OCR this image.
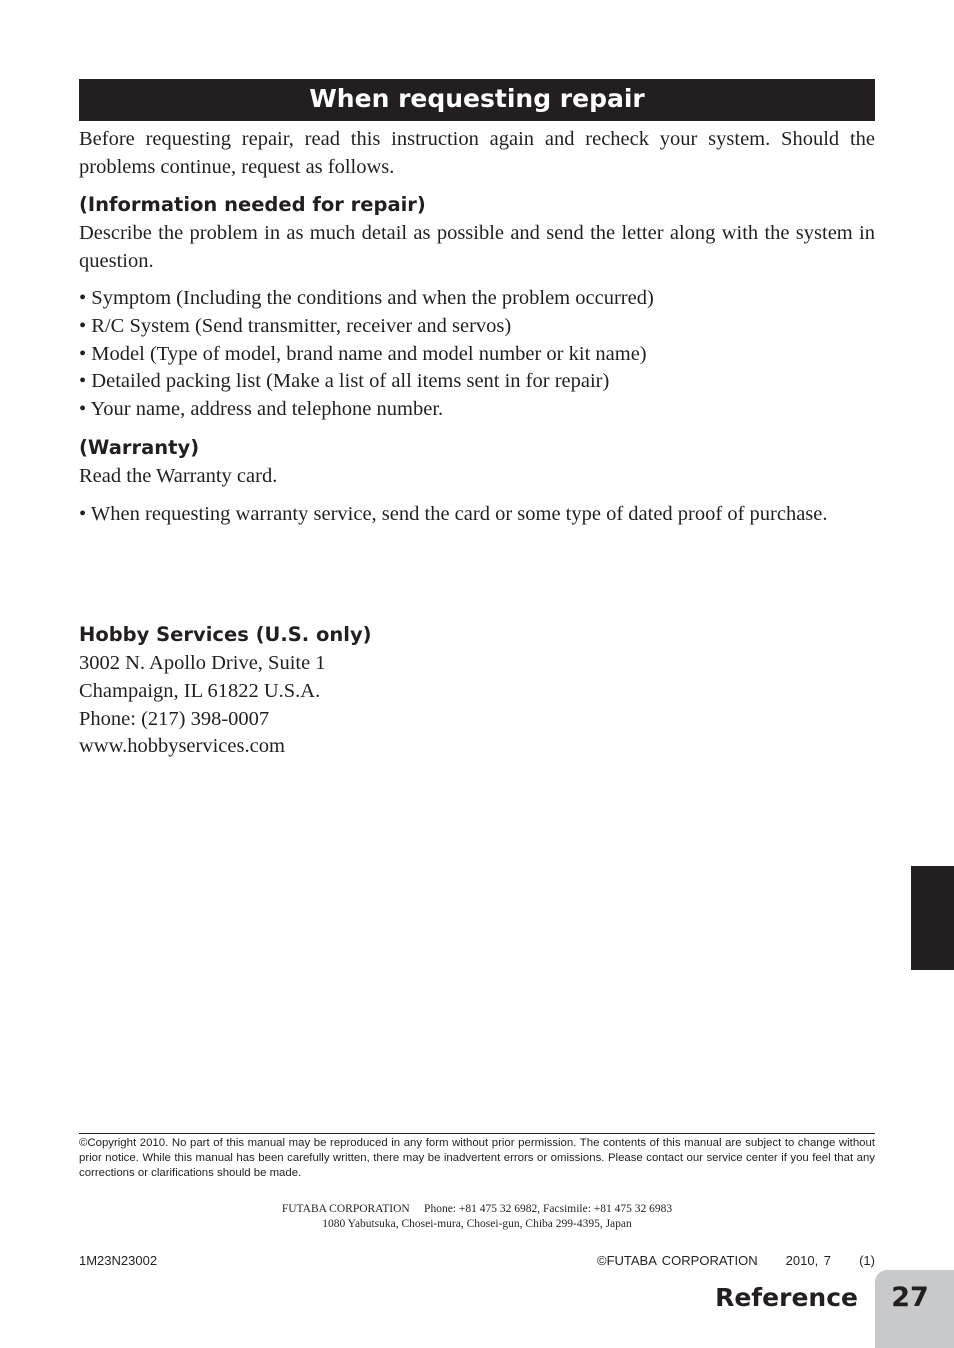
When requesting repair

Before requesting repair, read this instruction again and recheck your system. Should the problems continue, request as follows.

(Information needed for repair)

Describe the problem in as much detail as possible and send the letter along with the system in question.

• Symptom (Including the conditions and when the problem occurred)
• R/C System (Send transmitter, receiver and servos)
• Model (Type of model, brand name and model number or kit name)
• Detailed packing list (Make a list of all items sent in for repair)
• Your name, address and telephone number.
(Warranty)

Read the Warranty card.

• When requesting warranty service, send the card or some type of dated proof of purchase.

Hobby Services (U.S. only)
3002 N. Apollo Drive, Suite 1
Champaign, IL 61822 U.S.A.
Phone: (217) 398-0007
www.hobbyservices.com

©Copyright 2010. No part of this manual may be reproduced in any form without prior permission. The contents of this manual are subject to change without prior notice. While this manual has been carefully written, there may be inadvertent errors or omissions. Please contact our service center if you feel that any corrections or clarifications should be made.

FUTABA CORPORATION     Phone: +81 475 32 6982, Facsimile: +81 475 32 6983
1080 Yabutsuka, Chosei-mura, Chosei-gun, Chiba 299-4395, Japan
1M23N23002	©FUTABA CORPORATION     2010, 7     (1)
Reference	27
